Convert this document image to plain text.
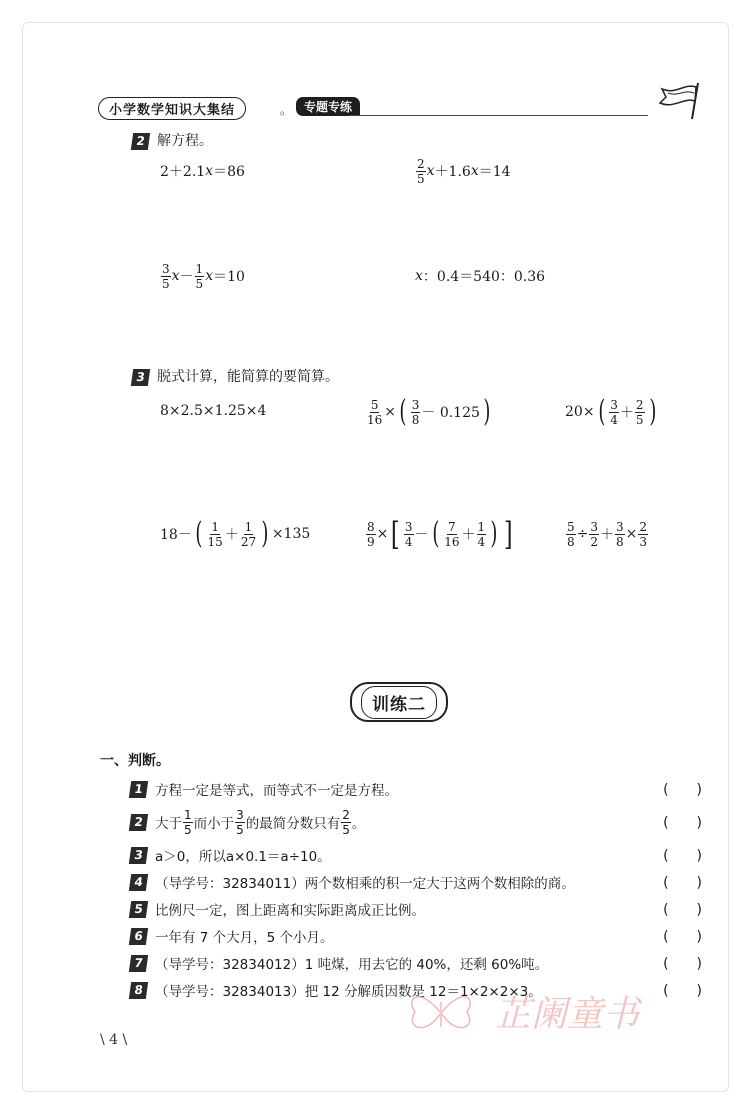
小学数学知识大集结	。 专题专练
2 解方程。
2＋2.1 x ＝86	$\frac{2}{5}$ x ＋1.6 x ＝14
$\frac{3}{5}$ $x - \frac{1}{5}$ x ＝10	x ：0.4＝540：0.36
3 脱式计算，能简算的要简算。
8×2.5×1.25×4	$\frac{5}{16}$ × ( $\frac{3}{8} - 0.125$ )	20× ( $\frac{3}{4} + \frac{2}{5}$ )
18－ ( $\frac{1}{15} + \frac{1}{27}$ ) ×135	$\frac{8}{9}$ × [ $\frac{3}{4}$ － ( $\frac{7}{16} + \frac{1}{4}$ ) ]	$\frac{5}{8} \div \frac{3}{2} + \frac{3}{8} \times \frac{2}{3}$
训练二
一、判断。
1 方程一定是等式，而等式不一定是方程。	(　　)
2 大于 $\frac{1}{5}$ 而小于 $\frac{3}{5}$ 的最简分数只有 $\frac{2}{5}$ 。	(　　)
3 a＞0，所以a×0.1＝a÷10。	(　　)
4 （导学号：32834011）两个数相乘的积一定大于这两个数相除的商。	(　　)
5 比例尺一定，图上距离和实际距离成正比例。	(　　)
6 一年有 7 个大月，5 个小月。	(　　)
7 （导学号：32834012）1 吨煤，用去它的 40%，还剩 60%吨。	(　　)
8 （导学号：32834013）把 12 分解质因数是 12＝1×2×2×3。	(　　)
芷阑童书
\ 4 \
